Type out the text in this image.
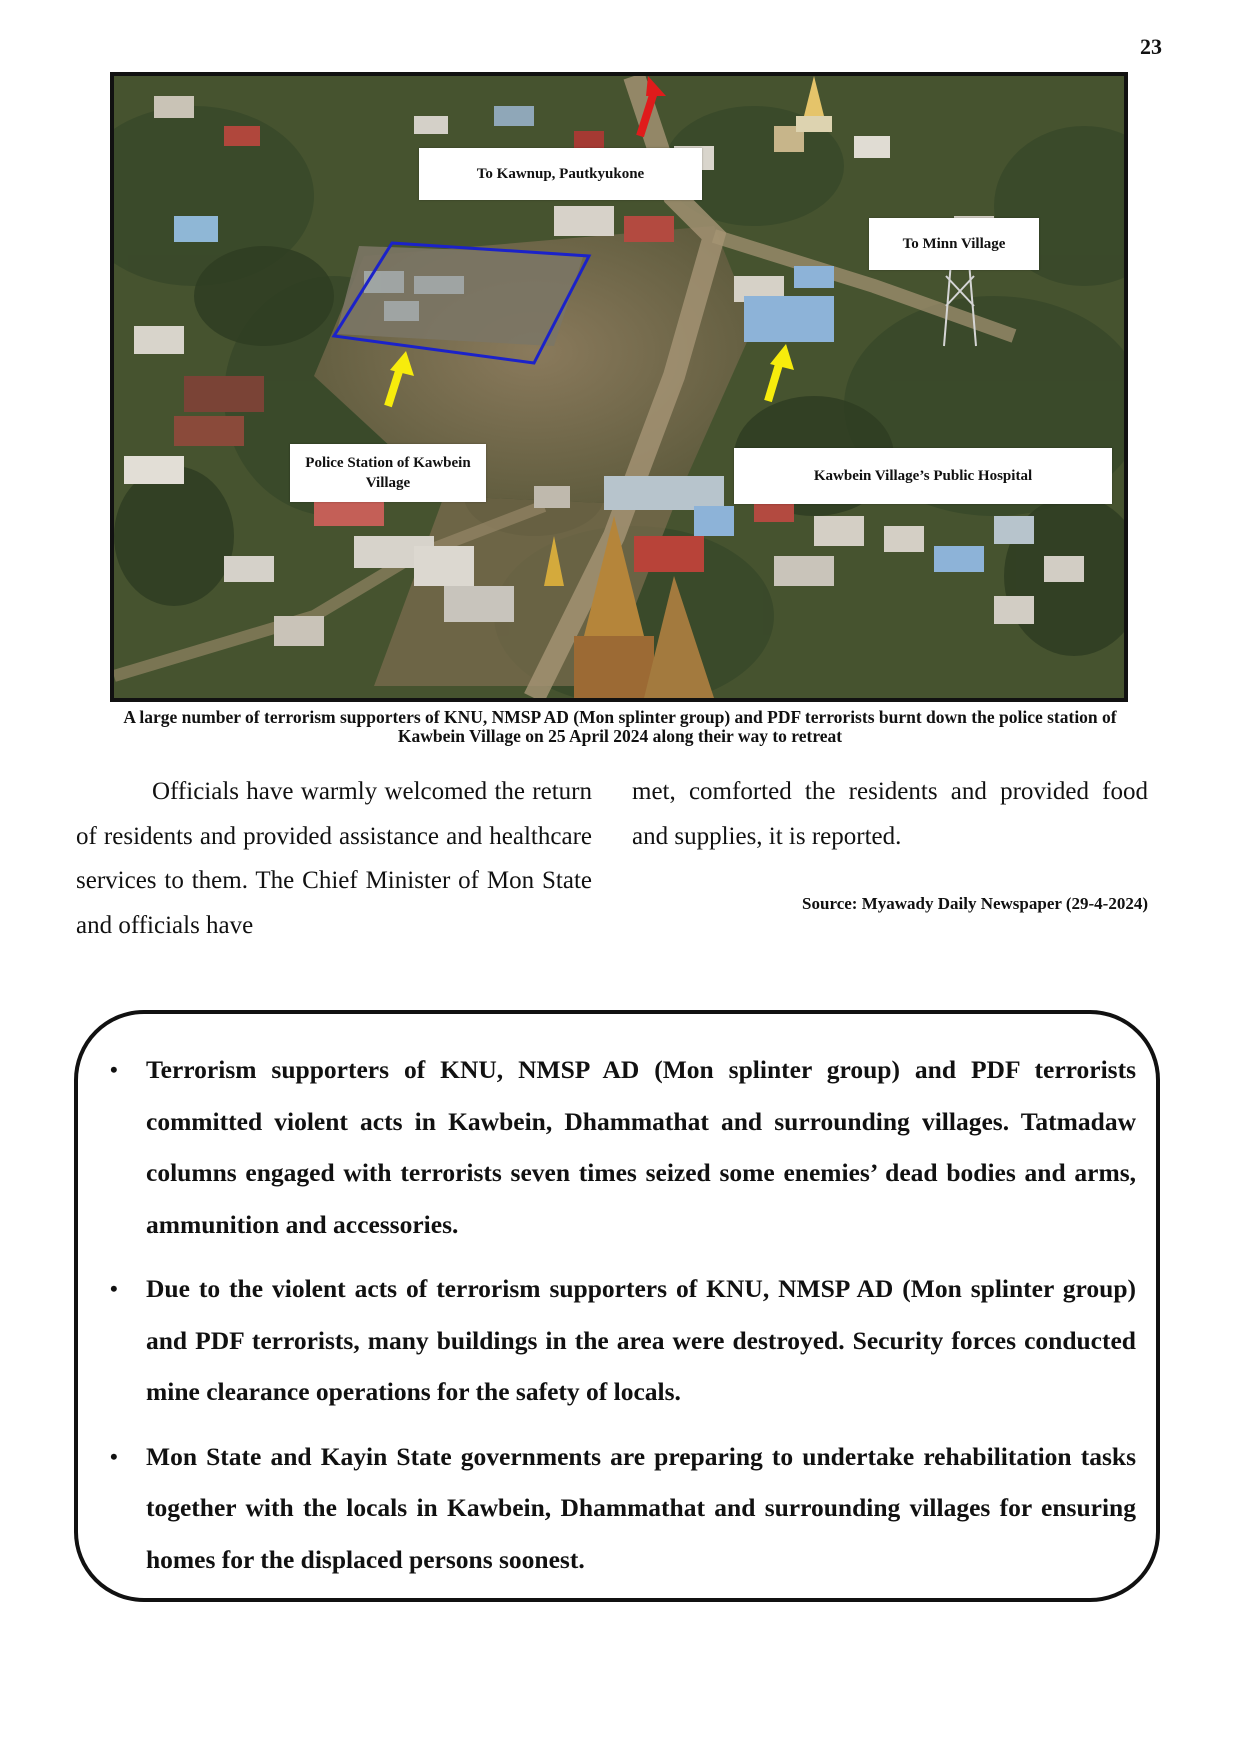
23
To Kawnup, Pautkyukone
To Minn Village
Police Station of Kawbein Village	Kawbein Village’s Public Hospital
A large number of terrorism supporters of KNU, NMSP AD (Mon splinter group) and PDF terrorists burnt down the police station of Kawbein Village on 25 April 2024 along their way to retreat
Officials have warmly welcomed the return of residents and provided assistance and healthcare services to them. The Chief Minister of Mon State and officials have
met, comforted the residents and provided food and supplies, it is reported.
Source: Myawady Daily Newspaper (29-4-2024)
• Terrorism supporters of KNU, NMSP AD (Mon splinter group) and PDF terrorists committed violent acts in Kawbein, Dhammathat and surrounding villages. Tatmadaw columns engaged with terrorists seven times seized some enemies’ dead bodies and arms, ammunition and accessories.
• Due to the violent acts of terrorism supporters of KNU, NMSP AD (Mon splinter group) and PDF terrorists, many buildings in the area were destroyed. Security forces conducted mine clearance operations for the safety of locals.
• Mon State and Kayin State governments are preparing to undertake rehabilitation tasks together with the locals in Kawbein, Dhammathat and surrounding villages for ensuring homes for the displaced persons soonest.
